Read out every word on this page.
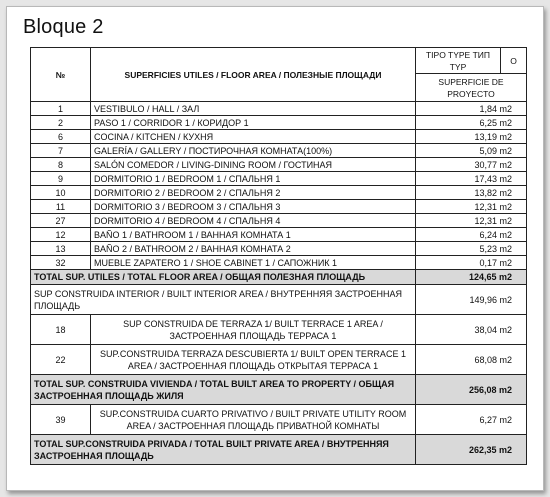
Bloque 2
№	SUPERFICIES UTILES / FLOOR AREA / ПОЛЕЗНЫЕ ПЛОЩАДИ	TIPO TYPE ТИП TYP	O
		SUPERFICIE DE PROYECTO	
1	VESTIBULO / HALL / ЗАЛ	1,84 m2	
2	PASO 1 / CORRIDOR 1 / КОРИДОР 1	6,25 m2	
6	COCINA / KITCHEN / КУХНЯ	13,19 m2	
7	GALERÍA / GALLERY / ПОСТИРОЧНАЯ КОМНАТА(100%)	5,09 m2	
8	SALÓN COMEDOR / LIVING-DINING ROOM / ГОСТИНАЯ	30,77 m2	
9	DORMITORIO 1 / BEDROOM 1 / СПАЛЬНЯ 1	17,43 m2	
10	DORMITORIO 2 / BEDROOM 2 / СПАЛЬНЯ 2	13,82 m2	
11	DORMITORIO 3 / BEDROOM 3 / СПАЛЬНЯ 3	12,31 m2	
27	DORMITORIO 4 / BEDROOM 4 / СПАЛЬНЯ 4	12,31 m2	
12	BAÑO 1 / BATHROOM 1 / ВАННАЯ КОМНАТА 1	6,24 m2	
13	BAÑO 2 / BATHROOM 2 / ВАННАЯ КОМНАТА 2	5,23 m2	
32	MUEBLE ZAPATERO 1 / SHOE CABINET 1 / САПОЖНИК 1	0,17 m2	
TOTAL SUP. UTILES / TOTAL FLOOR AREA / ОБЩАЯ ПОЛЕЗНАЯ ПЛОЩАДЬ		124,65 m2	
SUP CONSTRUIDA INTERIOR / BUILT INTERIOR AREA / ВНУТРЕННЯЯ ЗАСТРОЕННАЯ ПЛОЩАДЬ		149,96 m2	
18	SUP CONSTRUIDA DE TERRAZA 1/ BUILT TERRACE 1 AREA / ЗАСТРОЕННАЯ ПЛОЩАДЬ ТЕРРАСА 1	38,04 m2	
22	SUP.CONSTRUIDA TERRAZA DESCUBIERTA 1/ BUILT OPEN TERRACE 1 AREA / ЗАСТРОЕННАЯ ПЛОЩАДЬ ОТКРЫТАЯ ТЕРРАСА 1	68,08 m2	
TOTAL SUP. CONSTRUIDA VIVIENDA / TOTAL BUILT AREA TO PROPERTY / ОБЩАЯ ЗАСТРОЕННАЯ ПЛОЩАДЬ ЖИЛЯ		256,08 m2	
39	SUP.CONSTRUIDA CUARTO PRIVATIVO / BUILT PRIVATE UTILITY ROOM AREA / ЗАСТРОЕННАЯ ПЛОЩАДЬ ПРИВАТНОЙ КОМНАТЫ	6,27 m2	
TOTAL SUP.CONSTRUIDA PRIVADA / TOTAL BUILT PRIVATE AREA / ВНУТРЕННЯЯ ЗАСТРОЕННАЯ ПЛОЩАДЬ		262,35 m2	
